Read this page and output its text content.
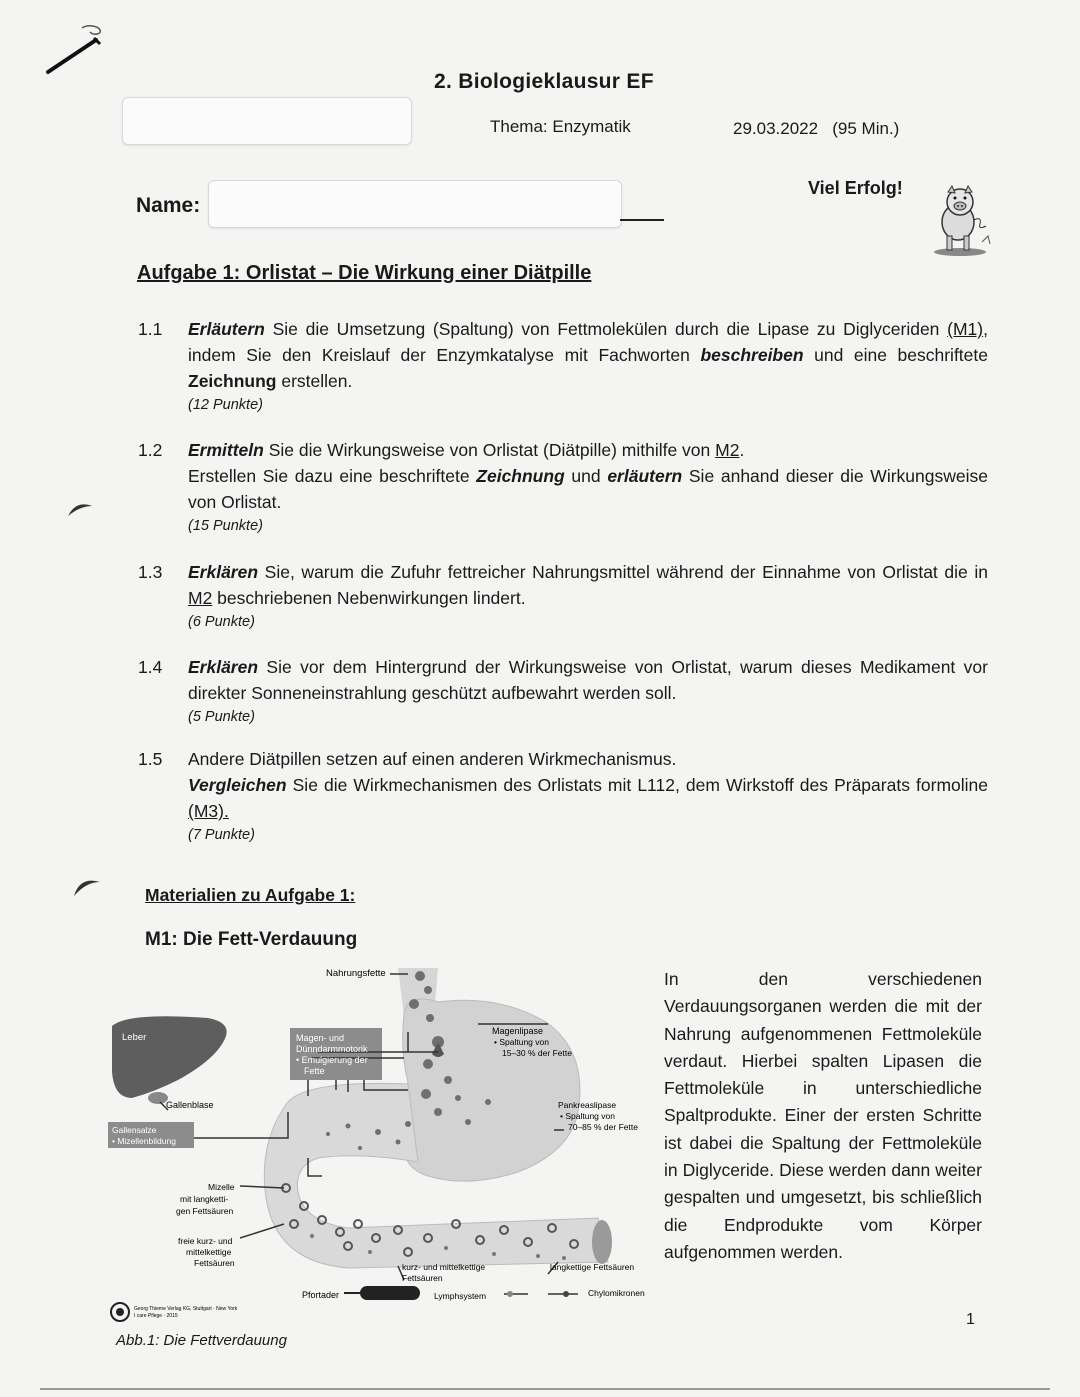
2. Biologieklausur EF
Thema: Enzymatik	29.03.2022 (95 Min.)
Viel Erfolg!
Name:
Aufgabe 1: Orlistat – Die Wirkung einer Diätpille
1.1	Erläutern Sie die Umsetzung (Spaltung) von Fettmolekülen durch die Lipase zu Diglyceriden (M1), indem Sie den Kreislauf der Enzymkatalyse mit Fachworten beschreiben und eine beschriftete Zeichnung erstellen.
(12 Punkte)
1.2	Ermitteln Sie die Wirkungsweise von Orlistat (Diätpille) mithilfe von M2.
Erstellen Sie dazu eine beschriftete Zeichnung und erläutern Sie anhand dieser die Wirkungsweise von Orlistat.
(15 Punkte)
1.3	Erklären Sie, warum die Zufuhr fettreicher Nahrungsmittel während der Einnahme von Orlistat die in M2 beschriebenen Nebenwirkungen lindert.
(6 Punkte)
1.4	Erklären Sie vor dem Hintergrund der Wirkungsweise von Orlistat, warum dieses Medikament vor direkter Sonneneinstrahlung geschützt aufbewahrt werden soll.
(5 Punkte)
1.5	Andere Diätpillen setzen auf einen anderen Wirkmechanismus.
Vergleichen Sie die Wirkmechanismen des Orlistats mit L112, dem Wirkstoff des Präparats formoline (M3).
(7 Punkte)
Materialien zu Aufgabe 1:
M1: Die Fett-Verdauung
Nahrungsfette
Leber
Gallenblase
Gallensalze
• Mizellenbildung
Magen- und
Dünndarmmotorik
• Emulgierung der
Fette
Magenlipase
• Spaltung von
15–30 % der Fette
Pankreaslipase
• Spaltung von
70–85 % der Fette
Mizelle
mit langketti-
gen Fettsäuren
freie kurz- und
mittelkettige
Fettsäuren	kurz- und mittelkettige
Fettsäuren
langkettige Fettsäuren
Pfortader	Lymphsystem	Chylomikronen
Georg Thieme Verlag KG, Stuttgart · New York
I care Pflege · 2015
In den verschiedenen Verdauungsorganen werden die mit der Nahrung aufgenommenen Fettmoleküle verdaut. Hierbei spalten Lipasen die Fettmoleküle in unterschiedliche Spaltprodukte. Einer der ersten Schritte ist dabei die Spaltung der Fettmoleküle in Diglyceride. Diese werden dann weiter gespalten und umgesetzt, bis schließlich die Endprodukte vom Körper aufgenommen werden.
Abb.1: Die Fettverdauung
1
